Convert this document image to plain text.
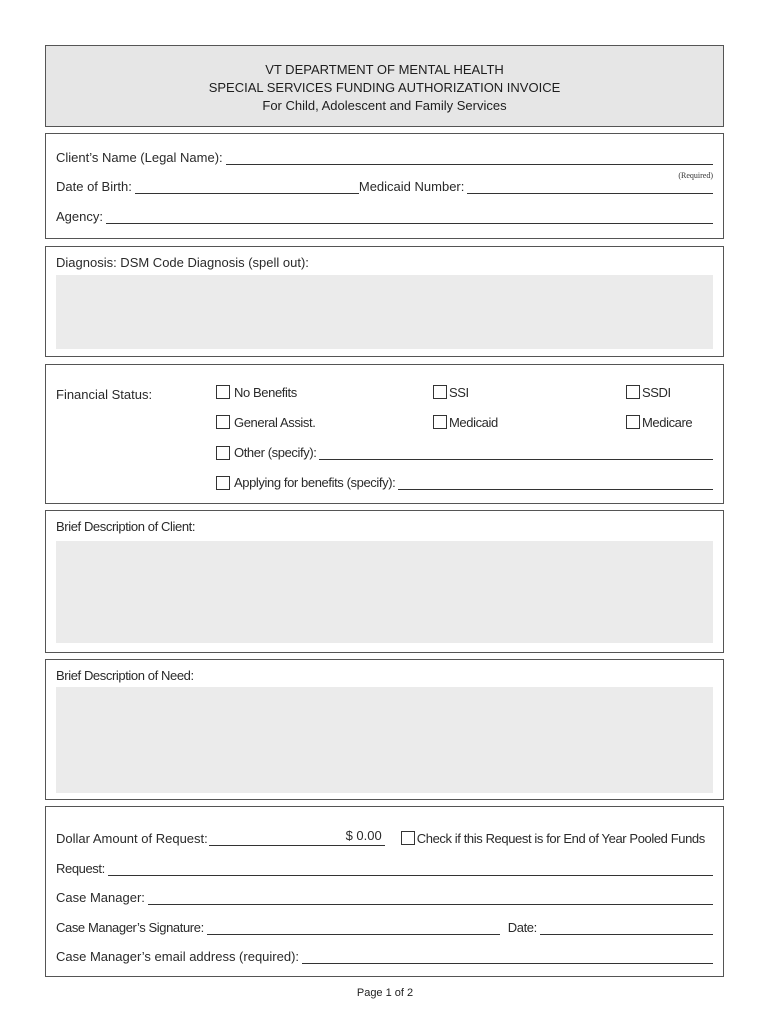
VT DEPARTMENT OF MENTAL HEALTH
SPECIAL SERVICES FUNDING AUTHORIZATION INVOICE
For Child, Adolescent and Family Services
Client’s Name (Legal Name):
Date of Birth:	Medicaid Number:
(Required)
Agency:
Diagnosis: DSM Code Diagnosis (spell out):
Financial Status:	No Benefits	SSI	SSDI
General Assist.	Medicaid	Medicare
Other (specify):
Applying for benefits (specify):
Brief Description of Client:
Brief Description of Need:
Dollar Amount of Request:	$ 0.00	Check if this Request is for End of Year Pooled Funds
Request:
Case Manager:
Case Manager’s Signature:	Date:
Case Manager’s email address (required):
Page 1 of 2
